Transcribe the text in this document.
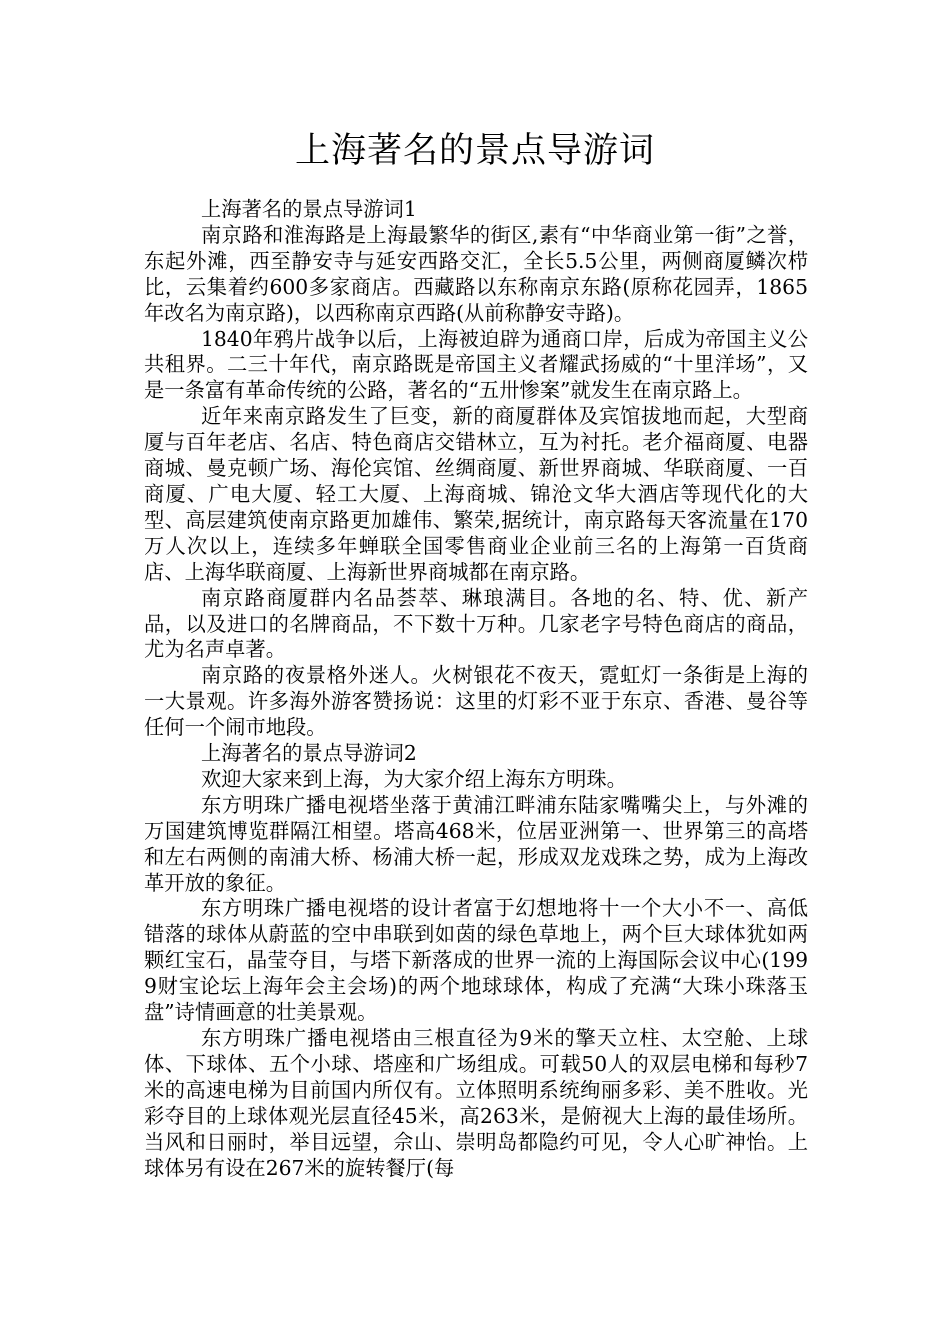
上海著名的景点导游词

上海著名的景点导游词1

南京路和淮海路是上海最繁华的街区,素有“中华商业第一街”之誉，东起外滩，西至静安寺与延安西路交汇，全长5.5公里，两侧商厦鳞次栉比，云集着约600多家商店。西藏路以东称南京东路(原称花园弄，1865年改名为南京路)，以西称南京西路(从前称静安寺路)。

1840年鸦片战争以后，上海被迫辟为通商口岸，后成为帝国主义公共租界。二三十年代，南京路既是帝国主义者耀武扬威的“十里洋场”，又是一条富有革命传统的公路，著名的“五卅惨案”就发生在南京路上。

近年来南京路发生了巨变，新的商厦群体及宾馆拔地而起，大型商厦与百年老店、名店、特色商店交错林立，互为衬托。老介福商厦、电器商城、曼克顿广场、海伦宾馆、丝绸商厦、新世界商城、华联商厦、一百商厦、广电大厦、轻工大厦、上海商城、锦沧文华大酒店等现代化的大型、高层建筑使南京路更加雄伟、繁荣,据统计，南京路每天客流量在170万人次以上，连续多年蝉联全国零售商业企业前三名的上海第一百货商店、上海华联商厦、上海新世界商城都在南京路。

南京路商厦群内名品荟萃、琳琅满目。各地的名、特、优、新产品，以及进口的名牌商品，不下数十万种。几家老字号特色商店的商品，尤为名声卓著。

南京路的夜景格外迷人。火树银花不夜天，霓虹灯一条街是上海的一大景观。许多海外游客赞扬说：这里的灯彩不亚于东京、香港、曼谷等任何一个闹市地段。

上海著名的景点导游词2

欢迎大家来到上海，为大家介绍上海东方明珠。

东方明珠广播电视塔坐落于黄浦江畔浦东陆家嘴嘴尖上，与外滩的万国建筑博览群隔江相望。塔高468米，位居亚洲第一、世界第三的高塔和左右两侧的南浦大桥、杨浦大桥一起，形成双龙戏珠之势，成为上海改革开放的象征。

东方明珠广播电视塔的设计者富于幻想地将十一个大小不一、高低错落的球体从蔚蓝的空中串联到如茵的绿色草地上，两个巨大球体犹如两颗红宝石，晶莹夺目，与塔下新落成的世界一流的上海国际会议中心(1999财宝论坛上海年会主会场)的两个地球球体，构成了充满“大珠小珠落玉盘”诗情画意的壮美景观。

东方明珠广播电视塔由三根直径为9米的擎天立柱、太空舱、上球体、下球体、五个小球、塔座和广场组成。可载50人的双层电梯和每秒7米的高速电梯为目前国内所仅有。立体照明系统绚丽多彩、美不胜收。光彩夺目的上球体观光层直径45米，高263米，是俯视大上海的最佳场所。当风和日丽时，举目远望，佘山、崇明岛都隐约可见，令人心旷神怡。上球体另有设在267米的旋转餐厅(每
